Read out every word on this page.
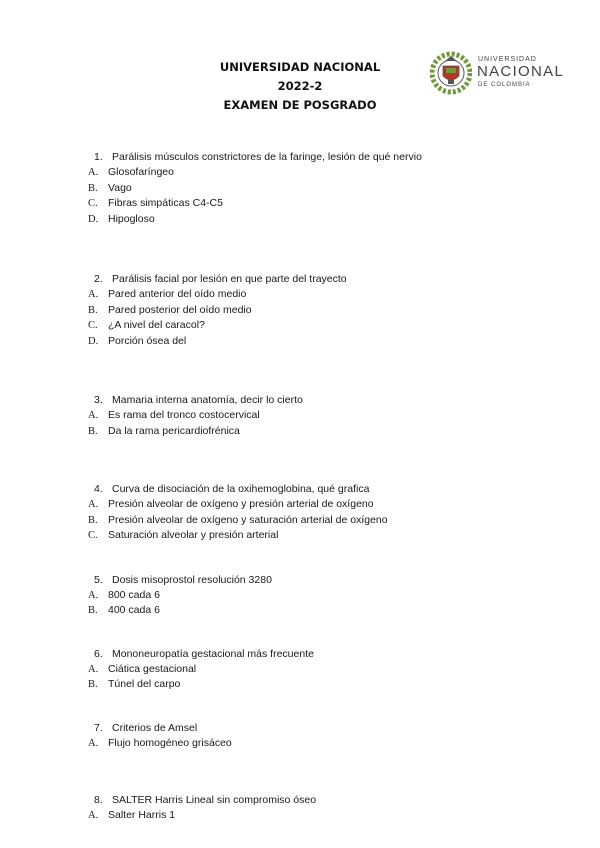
UNIVERSIDAD NACIONAL
2022-2
EXAMEN DE POSGRADO
UNIVERSIDAD
NACIONAL
DE COLOMBIA
1. Parálisis músculos constrictores de la faringe, lesión de qué nervio
A. Glosofaríngeo
B. Vago
C. Fibras simpáticas C4-C5
D. Hipogloso
2. Parálisis facial por lesión en que parte del trayecto
A. Pared anterior del oído medio
B. Pared posterior del oído medio
C. ¿A nivel del caracol?
D. Porción ósea del
3. Mamaria interna anatomía, decir lo cierto
A. Es rama del tronco costocervical
B. Da la rama pericardiofrénica
4. Curva de disociación de la oxihemoglobina, qué grafica
A. Presión alveolar de oxígeno y presión arterial de oxígeno
B. Presión alveolar de oxígeno y saturación arterial de oxígeno
C. Saturación alveolar y presión arterial
5. Dosis misoprostol resolución 3280
A. 800 cada 6
B. 400 cada 6
6. Mononeuropatía gestacional más frecuente
A. Ciática gestacional
B. Túnel del carpo
7. Criterios de Amsel
A. Flujo homogéneo grisáceo
8. SALTER Harris Lineal sin compromiso óseo
A. Salter Harris 1
